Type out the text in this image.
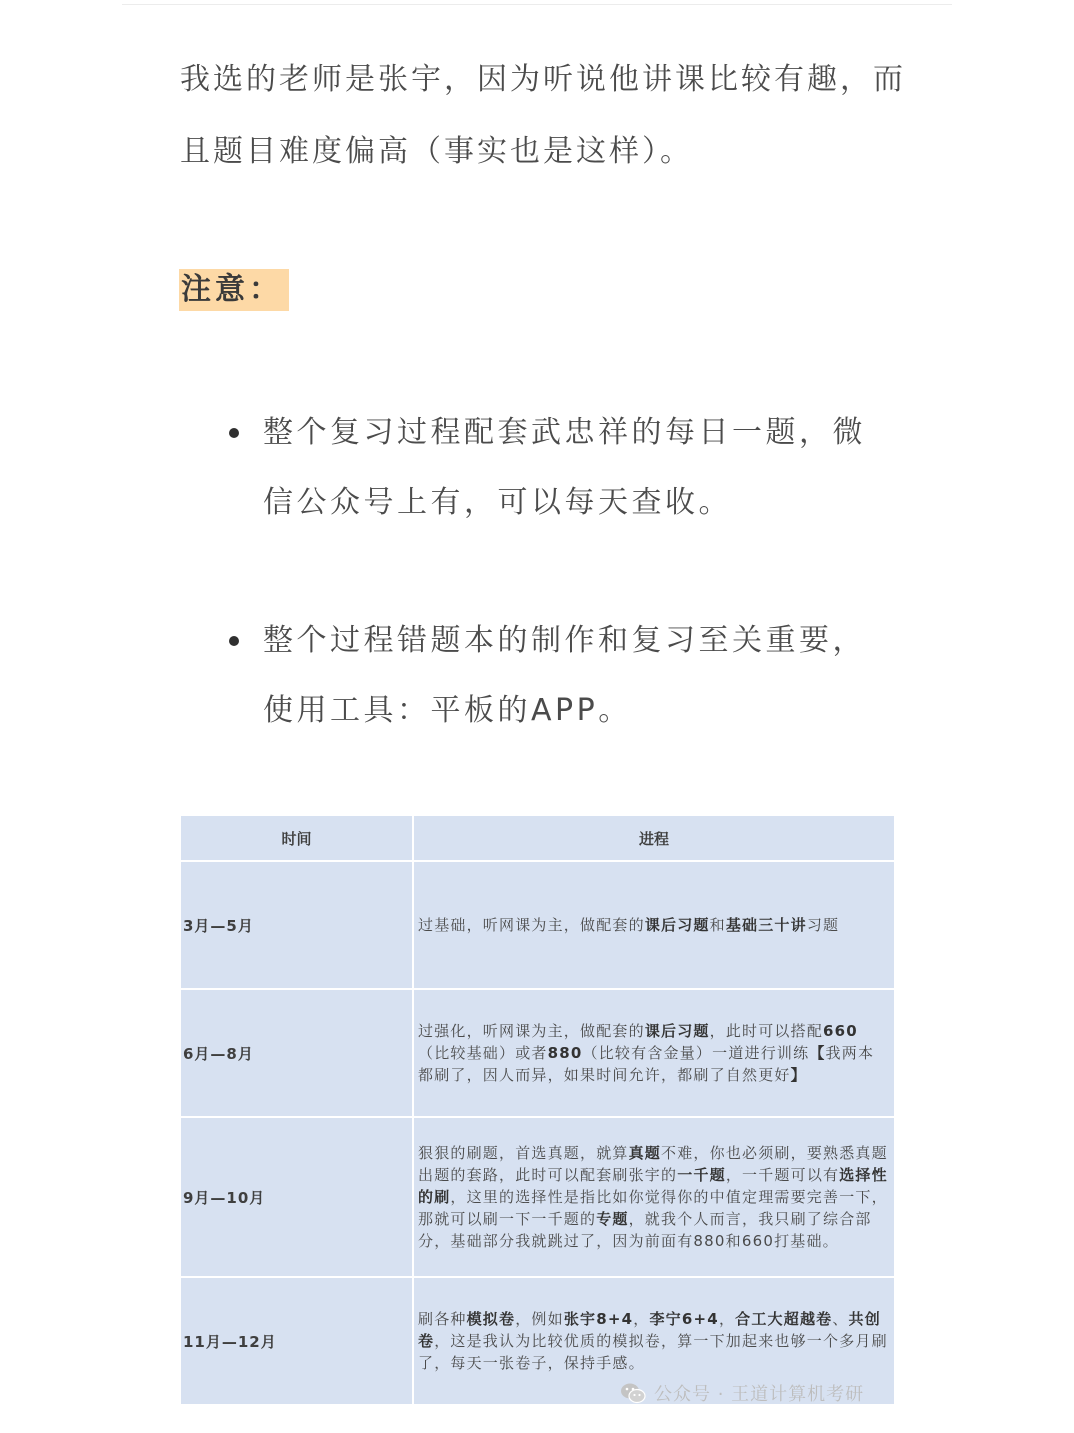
我选的老师是张宇，因为听说他讲课比较有趣，而
且题目难度偏高（事实也是这样）。

注意：
整个复习过程配套武忠祥的每日一题，微
信公众号上有，可以每天查收。
整个过程错题本的制作和复习至关重要，
使用工具：平板的APP。
时间	进程
3月—5月	过基础，听网课为主，做配套的课后习题和基础三十讲习题
6月—8月	过强化，听网课为主，做配套的课后习题，此时可以搭配660（比较基础）或者880（比较有含金量）一道进行训练【我两本都刷了，因人而异，如果时间允许，都刷了自然更好】
9月—10月	狠狠的刷题，首选真题，就算真题不难，你也必须刷，要熟悉真题出题的套路，此时可以配套刷张宇的一千题，一千题可以有选择性的刷，这里的选择性是指比如你觉得你的中值定理需要完善一下，那就可以刷一下一千题的专题，就我个人而言，我只刷了综合部分，基础部分我就跳过了，因为前面有880和660打基础。
11月—12月	刷各种模拟卷，例如张宇8+4，李宁6+4，合工大超越卷、共创卷，这是我认为比较优质的模拟卷，算一下加起来也够一个多月刷了，每天一张卷子，保持手感。
公众号 · 王道计算机考研
